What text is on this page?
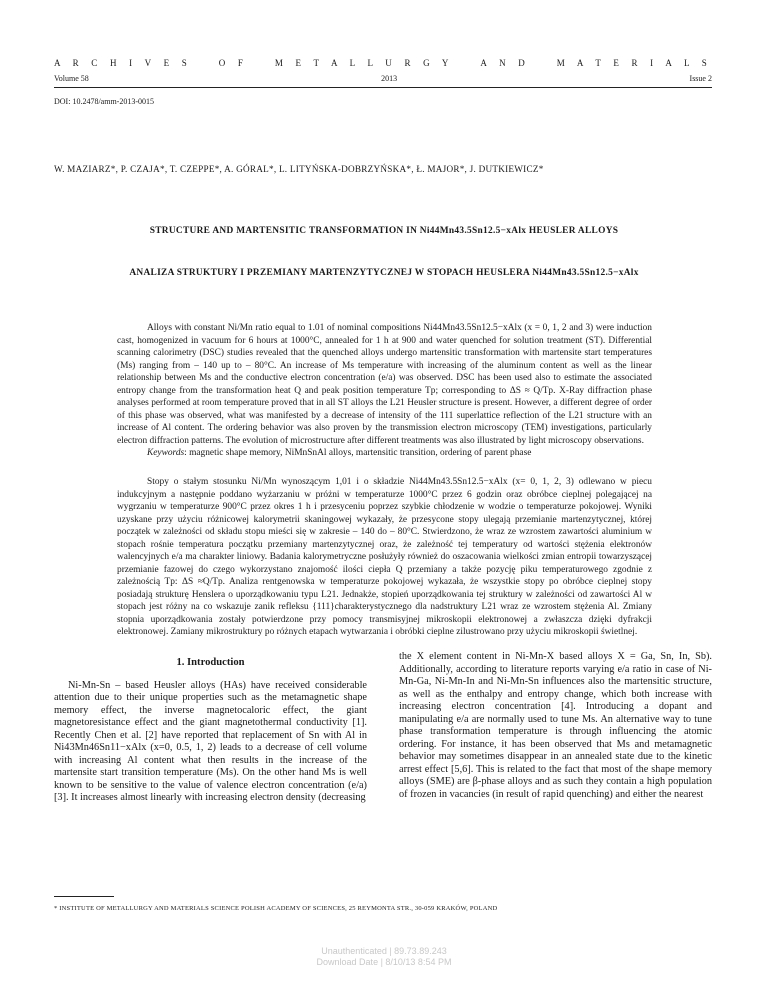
A R C H I V E S	O F	M E T A L L U R G Y	A N D	M A T E R I A L S
Volume 58	2013	Issue 2
DOI: 10.2478/amm-2013-0015
W. MAZIARZ*, P. CZAJA*, T. CZEPPE*, A. GÓRAL*, L. LITYŃSKA-DOBRZYŃSKA*, Ł. MAJOR*, J. DUTKIEWICZ*
STRUCTURE AND MARTENSITIC TRANSFORMATION IN Ni44Mn43.5Sn12.5−xAlx HEUSLER ALLOYS
ANALIZA STRUKTURY I PRZEMIANY MARTENZYTYCZNEJ W STOPACH HEUSLERA Ni44Mn43.5Sn12.5−xAlx
Alloys with constant Ni/Mn ratio equal to 1.01 of nominal compositions Ni44Mn43.5Sn12.5−xAlx (x = 0, 1, 2 and 3) were induction cast, homogenized in vacuum for 6 hours at 1000°C, annealed for 1 h at 900 and water quenched for solution treatment (ST). Differential scanning calorimetry (DSC) studies revealed that the quenched alloys undergo martensitic transformation with martensite start temperatures (Ms) ranging from – 140 up to – 80°C. An increase of Ms temperature with increasing of the aluminum content as well as the linear relationship between Ms and the conductive electron concentration (e/a) was observed. DSC has been used also to estimate the associated entropy change from the transformation heat Q and peak position temperature Tp; corresponding to ΔS ≈ Q/Tp. X-Ray diffraction phase analyses performed at room temperature proved that in all ST alloys the L21 Heusler structure is present. However, a different degree of order of this phase was observed, what was manifested by a decrease of intensity of the 111 superlattice reflection of the L21 structure with an increase of Al content. The ordering behavior was also proven by the transmission electron microscopy (TEM) investigations, particularly electron diffraction patterns. The evolution of microstructure after different treatments was also illustrated by light microscopy observations.
Keywords: magnetic shape memory, NiMnSnAl alloys, martensitic transition, ordering of parent phase
Stopy o stałym stosunku Ni/Mn wynoszącym 1,01 i o składzie Ni44Mn43.5Sn12.5−xAlx (x= 0, 1, 2, 3) odlewano w piecu indukcyjnym a następnie poddano wyżarzaniu w próżni w temperaturze 1000°C przez 6 godzin oraz obróbce cieplnej polegającej na wygrzaniu w temperaturze 900°C przez okres 1 h i przesyceniu poprzez szybkie chłodzenie w wodzie o temperaturze pokojowej. Wyniki uzyskane przy użyciu różnicowej kalorymetrii skaningowej wykazały, że przesycone stopy ulegają przemianie martenzytycznej, której początek w zależności od składu stopu mieści się w zakresie – 140 do – 80°C. Stwierdzono, że wraz ze wzrostem zawartości aluminium w stopach rośnie temperatura początku przemiany martenzytycznej oraz, że zależność tej temperatury od wartości stężenia elektronów walencyjnych e/a ma charakter liniowy. Badania kalorymetryczne posłużyły również do oszacowania wielkości zmian entropii towarzyszącej przemianie fazowej do czego wykorzystano znajomość ilości ciepła Q przemiany a także pozycję piku temperaturowego zgodnie z zależnością Tp: ΔS ≈Q/Tp. Analiza rentgenowska w temperaturze pokojowej wykazała, że wszystkie stopy po obróbce cieplnej stopy posiadają strukturę Henslera o uporządkowaniu typu L21. Jednakże, stopień uporządkowania tej struktury w zależności od zawartości Al w stopach jest różny na co wskazuje zanik refleksu {111}charakterystycznego dla nadstruktury L21 wraz ze wzrostem stężenia Al. Zmiany stopnia uporządkowania zostały potwierdzone przy pomocy transmisyjnej mikroskopii elektronowej a zwłaszcza dzięki dyfrakcji elektronowej. Zamiany mikrostruktury po różnych etapach wytwarzania i obróbki cieplne zilustrowano przy użyciu mikroskopii świetlnej.
1. Introduction

Ni-Mn-Sn – based Heusler alloys (HAs) have received considerable attention due to their unique properties such as the metamagnetic shape memory effect, the inverse magnetocaloric effect, the giant magnetoresistance effect and the giant magnetothermal conductivity [1]. Recently Chen et al. [2] have reported that replacement of Sn with Al in Ni43Mn46Sn11−xAlx (x=0, 0.5, 1, 2) leads to a decrease of cell volume with increasing Al content what then results in the increase of the martensite start transition temperature (Ms). On the other hand Ms is well known to be sensitive to the value of valence electron concentration (e/a) [3]. It increases almost linearly with increasing electron density (decreasing

the X element content in Ni-Mn-X based alloys X = Ga, Sn, In, Sb). Additionally, according to literature reports varying e/a ratio in case of Ni-Mn-Ga, Ni-Mn-In and Ni-Mn-Sn influences also the martensitic structure, as well as the enthalpy and entropy change, which both increase with increasing electron concentration [4]. Introducing a dopant and manipulating e/a are normally used to tune Ms. An alternative way to tune phase transformation temperature is through influencing the atomic ordering. For instance, it has been observed that Ms and metamagnetic behavior may sometimes disappear in an annealed state due to the kinetic arrest effect [5,6]. This is related to the fact that most of the shape memory alloys (SME) are β-phase alloys and as such they contain a high population of frozen in vacancies (in result of rapid quenching) and either the nearest

* INSTITUTE OF METALLURGY AND MATERIALS SCIENCE POLISH ACADEMY OF SCIENCES, 25 REYMONTA STR., 30-059 KRAKÓW, POLAND
Unauthenticated | 89.73.89.243
Download Date | 8/10/13 8:54 PM
